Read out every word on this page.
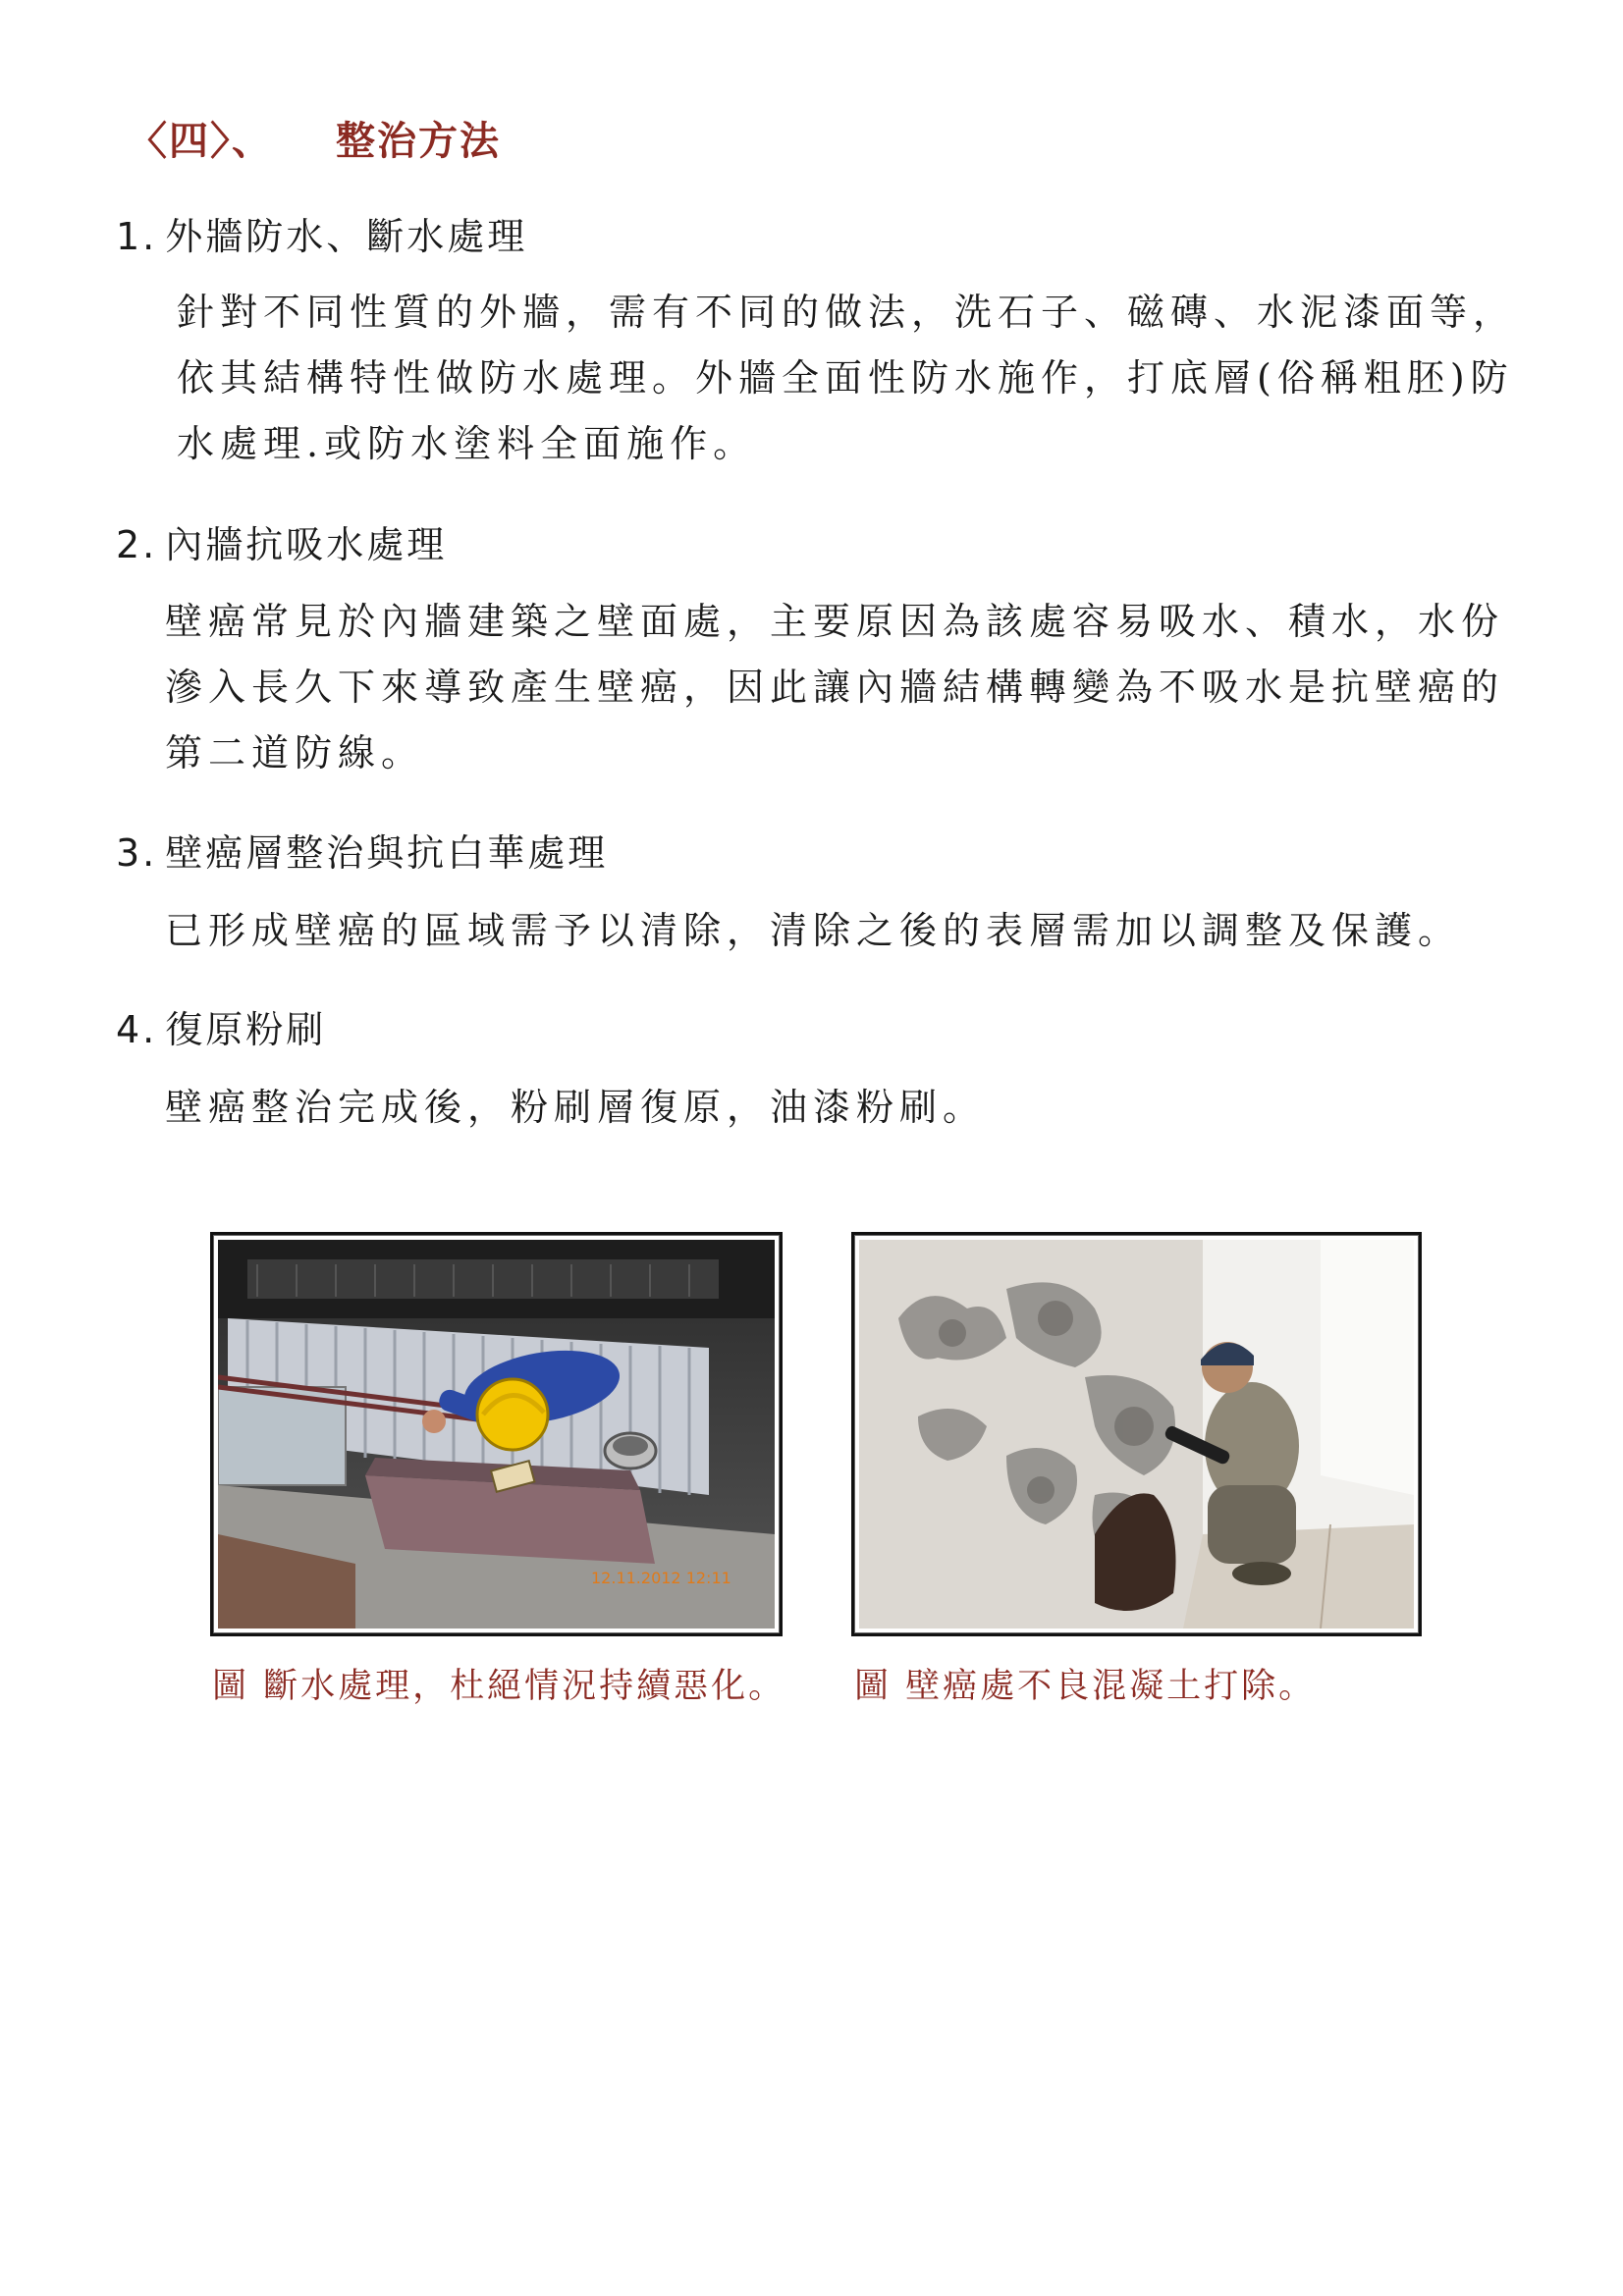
〈四〉、 整治方法
1. 外牆防水、斷水處理
針對不同性質的外牆，需有不同的做法，洗石子、磁磚、水泥漆面等，
依其結構特性做防水處理。外牆全面性防水施作，打底層(俗稱粗胚)防
水處理.或防水塗料全面施作。
2. 內牆抗吸水處理
壁癌常見於內牆建築之壁面處，主要原因為該處容易吸水、積水，水份
滲入長久下來導致產生壁癌，因此讓內牆結構轉變為不吸水是抗壁癌的
第二道防線。
3. 壁癌層整治與抗白華處理
已形成壁癌的區域需予以清除，清除之後的表層需加以調整及保護。
4. 復原粉刷
壁癌整治完成後，粉刷層復原，油漆粉刷。
12.11.2012 12:11
圖 斷水處理，杜絕情況持續惡化。 圖 壁癌處不良混凝土打除。
